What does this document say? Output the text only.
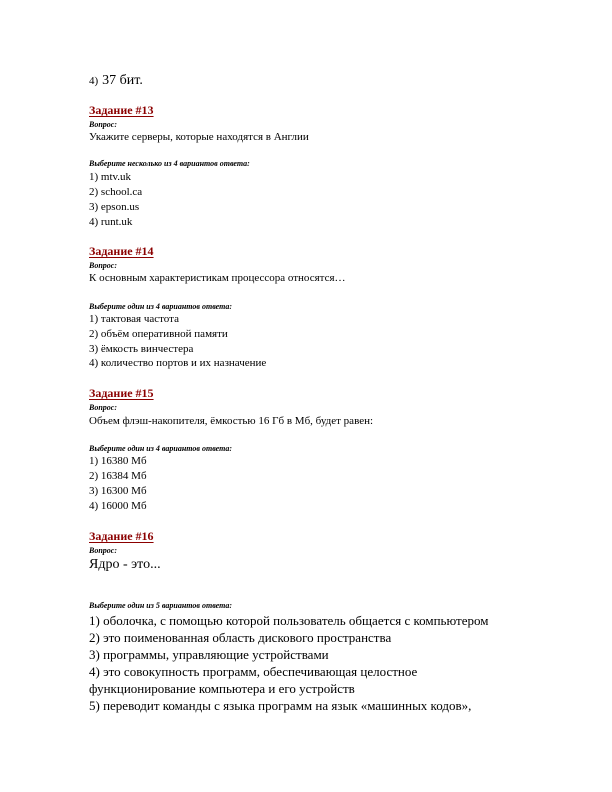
4) 37 бит.
Задание #13
Вопрос:
Укажите серверы, которые находятся в Англии
Выберите несколько из 4 вариантов ответа:
1) mtv.uk
2) school.ca
3) epson.us
4) runt.uk
Задание #14
Вопрос:
К основным характеристикам процессора относятся…
Выберите один из 4 вариантов ответа:
1) тактовая частота
2) объём оперативной памяти
3) ёмкость винчестера
4) количество портов и их назначение
Задание #15
Вопрос:
Объем флэш-накопителя, ёмкостью 16 Гб в Мб, будет равен:
Выберите один из 4 вариантов ответа:
1) 16380 Мб
2) 16384 Мб
3) 16300 Мб
4) 16000 Мб
Задание #16
Вопрос:
Ядро - это...
Выберите один из 5 вариантов ответа:
1) оболочка, с помощью которой пользователь общается с компьютером
2) это поименованная область дискового пространства
3) программы, управляющие устройствами
4) это совокупность программ, обеспечивающая целостное
функционирование компьютера и его устройств
5) переводит команды с языка программ на язык «машинных кодов»,
